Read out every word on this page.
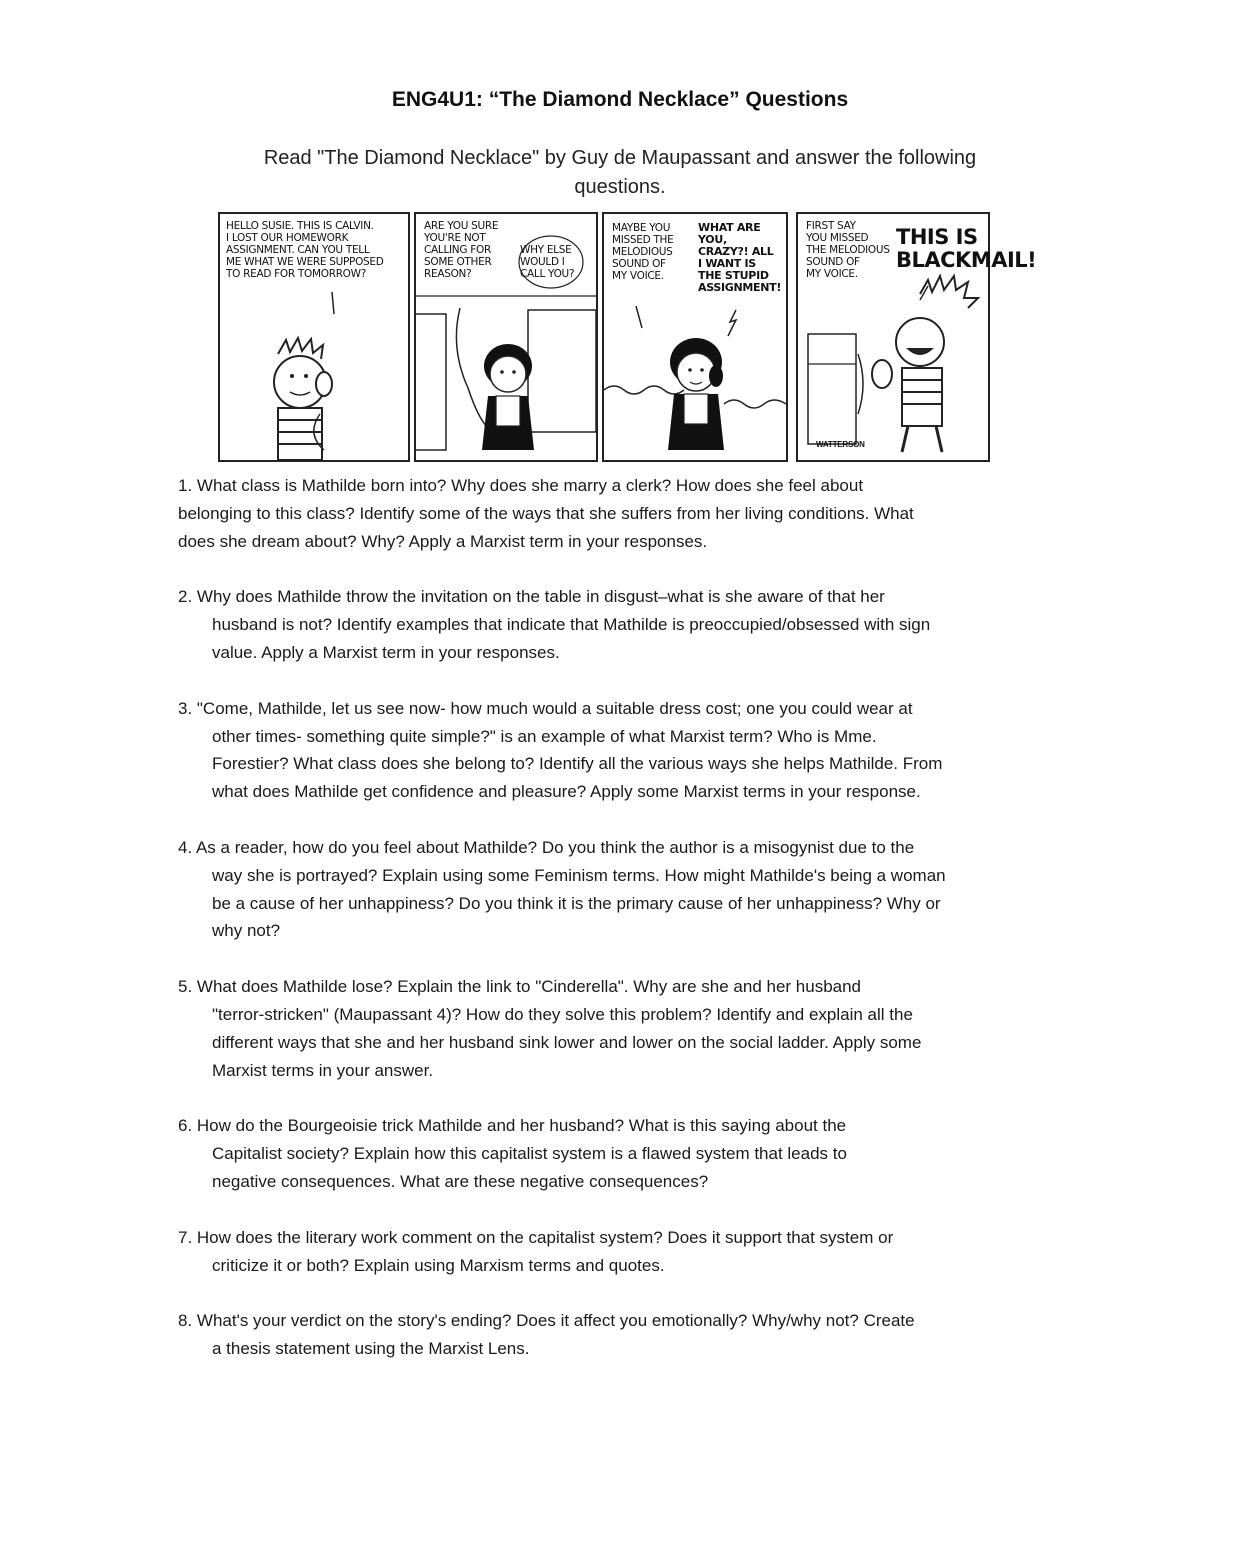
ENG4U1: “The Diamond Necklace” Questions
Read "The Diamond Necklace" by Guy de Maupassant and answer the following
questions.
HELLO SUSIE. THIS IS CALVIN.
I LOST OUR HOMEWORK
ASSIGNMENT. CAN YOU TELL
ME WHAT WE WERE SUPPOSED
TO READ FOR TOMORROW?
ARE YOU SURE
YOU'RE NOT
CALLING FOR
SOME OTHER
REASON?
WHY ELSE
WOULD I
CALL YOU?
MAYBE YOU
MISSED THE
MELODIOUS
SOUND OF
MY VOICE.
WHAT ARE YOU,
CRAZY?! ALL
I WANT IS
THE STUPID
ASSIGNMENT!
FIRST SAY
YOU MISSED
THE MELODIOUS
SOUND OF
MY VOICE.
THIS IS
BLACKMAIL!
WATTERSON
1. What class is Mathilde born into? Why does she marry a clerk? How does she feel about
belonging to this class? Identify some of the ways that she suffers from her living conditions. What
does she dream about? Why? Apply a Marxist term in your responses.
2. Why does Mathilde throw the invitation on the table in disgust–what is she aware of that her
husband is not? Identify examples that indicate that Mathilde is preoccupied/obsessed with sign
value. Apply a Marxist term in your responses.
3. "Come, Mathilde, let us see now- how much would a suitable dress cost; one you could wear at
other times- something quite simple?" is an example of what Marxist term? Who is Mme.
Forestier? What class does she belong to? Identify all the various ways she helps Mathilde. From
what does Mathilde get confidence and pleasure? Apply some Marxist terms in your response.
4. As a reader, how do you feel about Mathilde? Do you think the author is a misogynist due to the
way she is portrayed? Explain using some Feminism terms. How might Mathilde's being a woman
be a cause of her unhappiness? Do you think it is the primary cause of her unhappiness? Why or
why not?
5. What does Mathilde lose? Explain the link to "Cinderella". Why are she and her husband
"terror-stricken" (Maupassant 4)? How do they solve this problem? Identify and explain all the
different ways that she and her husband sink lower and lower on the social ladder. Apply some
Marxist terms in your answer.
6. How do the Bourgeoisie trick Mathilde and her husband? What is this saying about the
Capitalist society? Explain how this capitalist system is a flawed system that leads to
negative consequences. What are these negative consequences?
7. How does the literary work comment on the capitalist system? Does it support that system or
criticize it or both? Explain using Marxism terms and quotes.
8. What's your verdict on the story's ending? Does it affect you emotionally? Why/why not? Create
a thesis statement using the Marxist Lens.
